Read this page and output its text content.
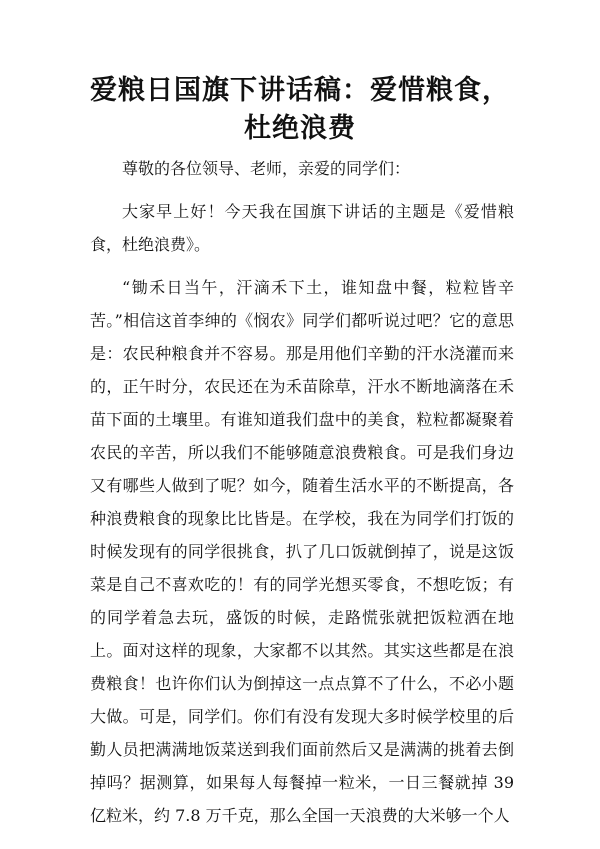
爱粮日国旗下讲话稿：爱惜粮食，杜绝浪费

尊敬的各位领导、老师，亲爱的同学们：

大家早上好！今天我在国旗下讲话的主题是《爱惜粮食，杜绝浪费》。

“锄禾日当午，汗滴禾下土，谁知盘中餐，粒粒皆辛苦。”相信这首李绅的《悯农》同学们都听说过吧？它的意思是：农民种粮食并不容易。那是用他们辛勤的汗水浇灌而来的，正午时分，农民还在为禾苗除草，汗水不断地滴落在禾苗下面的土壤里。有谁知道我们盘中的美食，粒粒都凝聚着农民的辛苦，所以我们不能够随意浪费粮食。可是我们身边又有哪些人做到了呢？如今，随着生活水平的不断提高，各种浪费粮食的现象比比皆是。在学校，我在为同学们打饭的时候发现有的同学很挑食，扒了几口饭就倒掉了，说是这饭菜是自己不喜欢吃的！有的同学光想买零食，不想吃饭；有的同学着急去玩，盛饭的时候，走路慌张就把饭粒洒在地上。面对这样的现象，大家都不以其然。其实这些都是在浪费粮食！也许你们认为倒掉这一点点算不了什么，不必小题大做。可是，同学们。你们有没有发现大多时候学校里的后勤人员把满满地饭菜送到我们面前然后又是满满的挑着去倒掉吗？据测算，如果每人每餐掉一粒米，一日三餐就掉 39 亿粒米，约 7.8 万千克，那么全国一天浪费的大米够一个人
